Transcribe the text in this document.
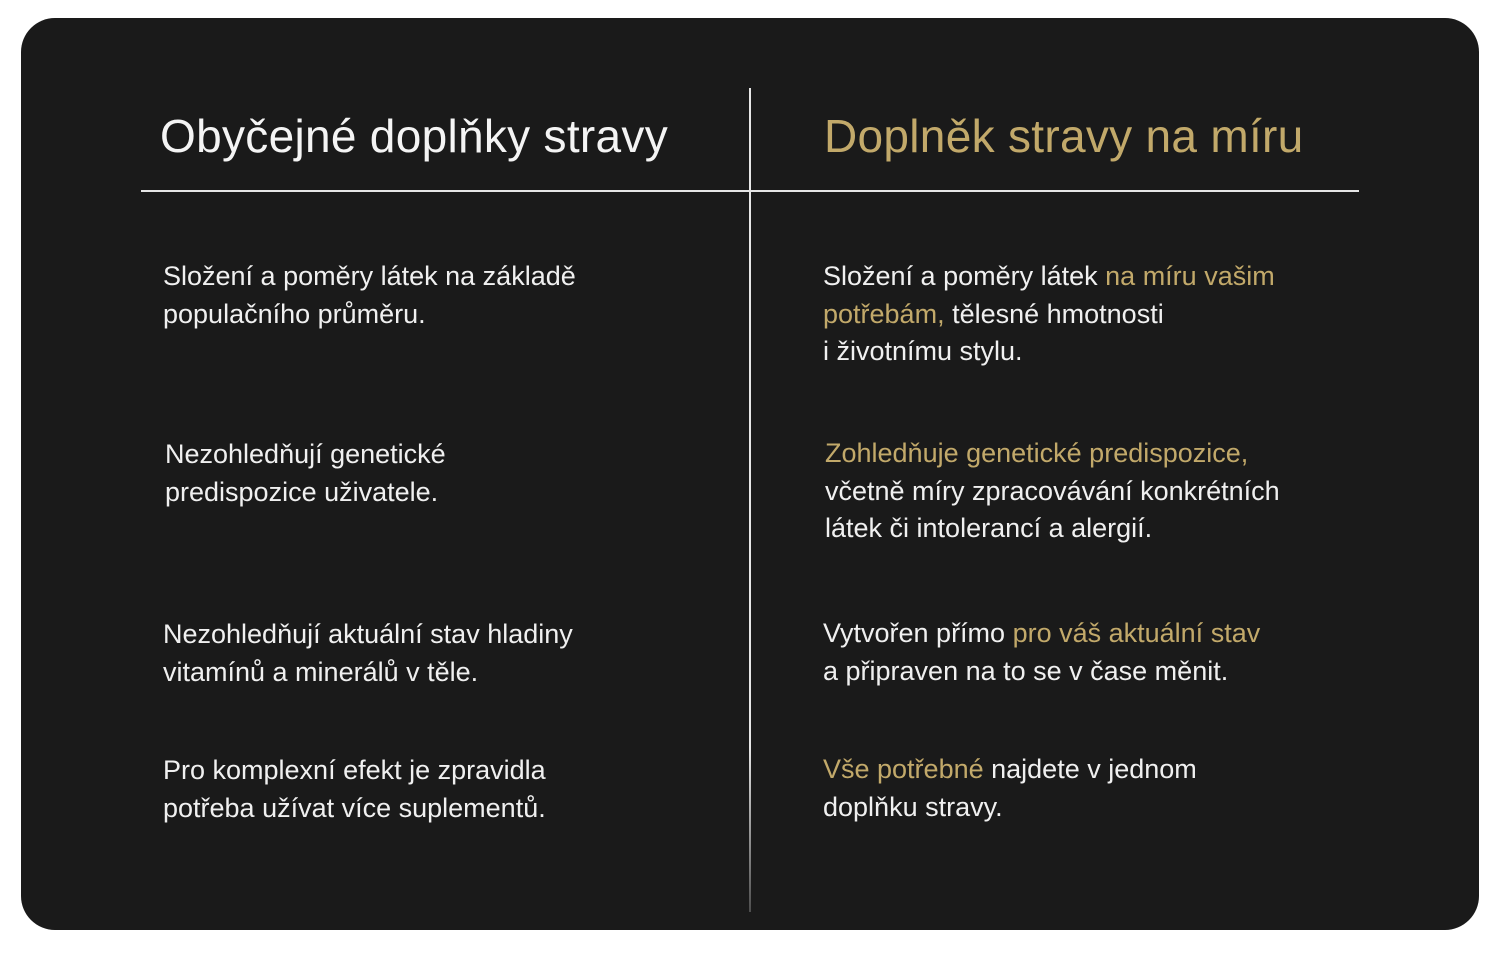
Obyčejné doplňky stravy	Doplněk stravy na míru
Složení a poměry látek na základě
populačního průměru.
Nezohledňují genetické
predispozice uživatele.
Nezohledňují aktuální stav hladiny
vitamínů a minerálů v těle.
Pro komplexní efekt je zpravidla
potřeba užívat více suplementů.
Složení a poměry látek na míru vašim
potřebám, tělesné hmotnosti
i životnímu stylu.
Zohledňuje genetické predispozice,
včetně míry zpracovávání konkrétních
látek či intolerancí a alergií.
Vytvořen přímo pro váš aktuální stav
a připraven na to se v čase měnit.
Vše potřebné najdete v jednom
doplňku stravy.
